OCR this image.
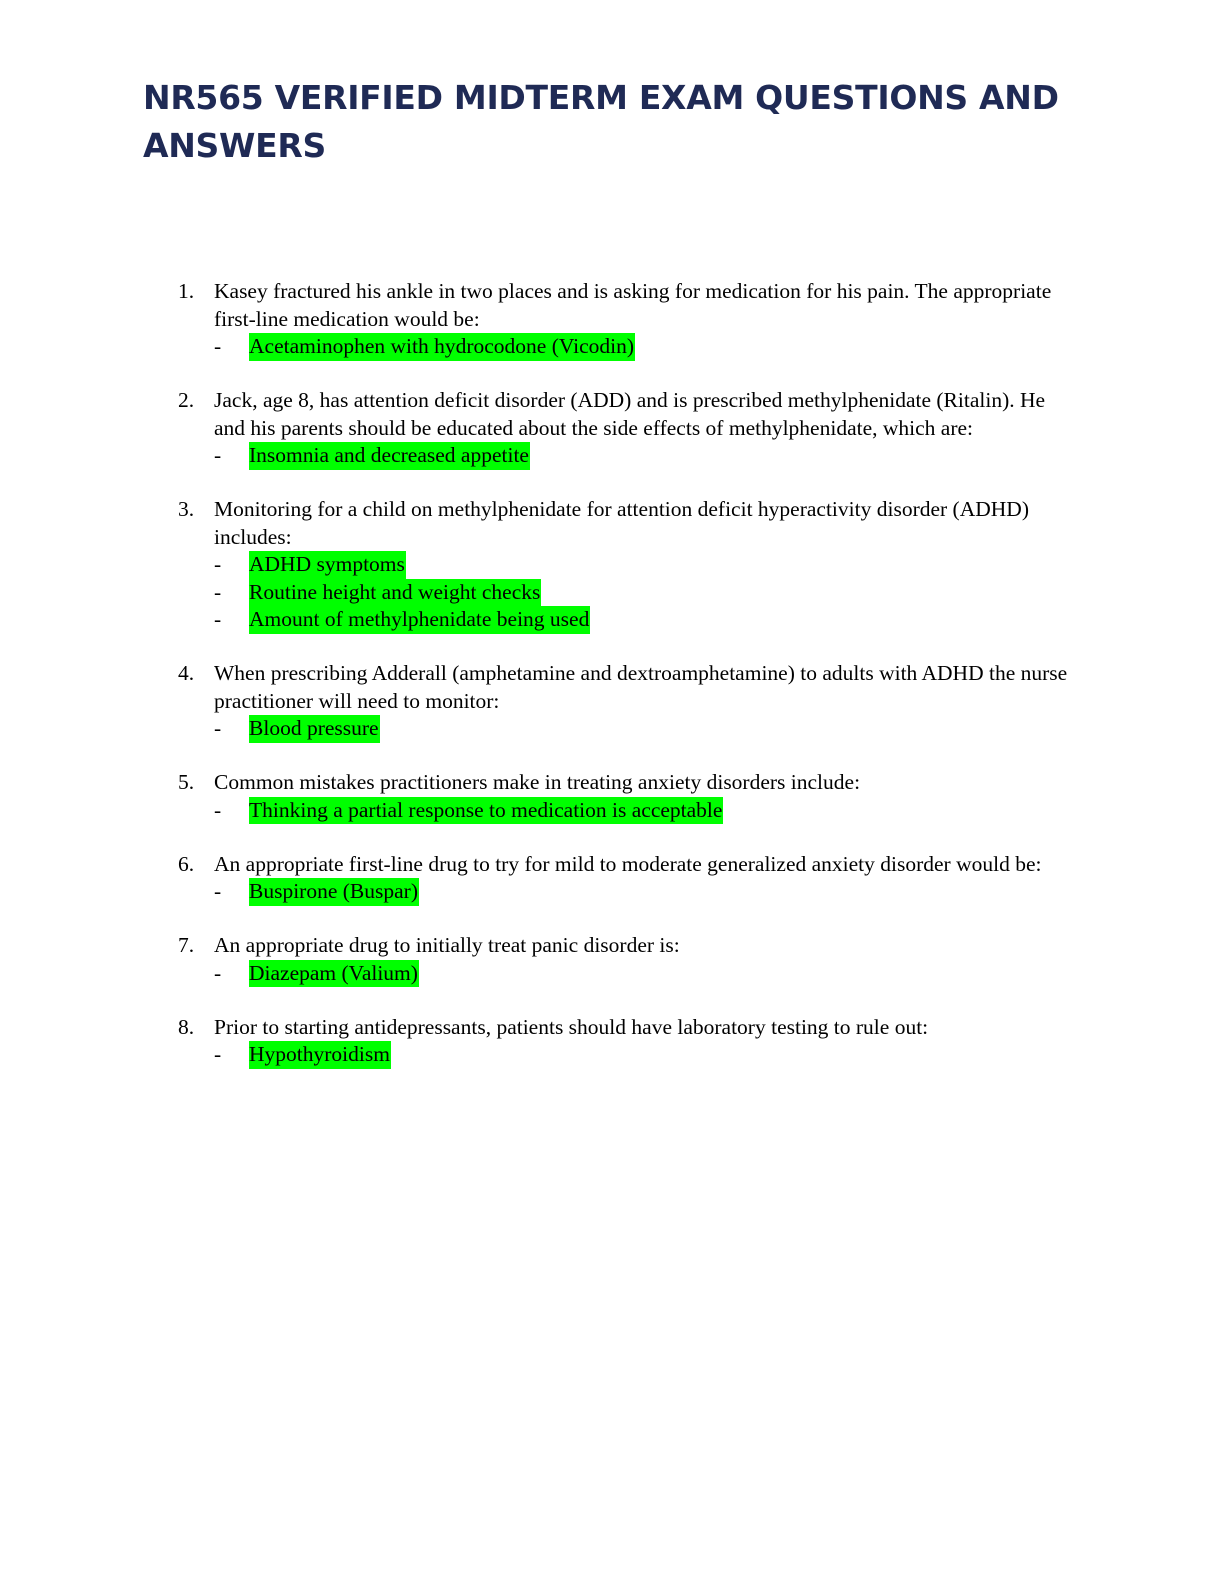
NR565 VERIFIED MIDTERM EXAM QUESTIONS AND ANSWERS
1. Kasey fractured his ankle in two places and is asking for medication for his pain. The appropriate first-line medication would be:
- Acetaminophen with hydrocodone (Vicodin)
2. Jack, age 8, has attention deficit disorder (ADD) and is prescribed methylphenidate (Ritalin). He and his parents should be educated about the side effects of methylphenidate, which are:
- Insomnia and decreased appetite
3. Monitoring for a child on methylphenidate for attention deficit hyperactivity disorder (ADHD) includes:
- ADHD symptoms
- Routine height and weight checks
- Amount of methylphenidate being used
4. When prescribing Adderall (amphetamine and dextroamphetamine) to adults with ADHD the nurse practitioner will need to monitor:
- Blood pressure
5. Common mistakes practitioners make in treating anxiety disorders include:
- Thinking a partial response to medication is acceptable
6. An appropriate first-line drug to try for mild to moderate generalized anxiety disorder would be:
- Buspirone (Buspar)
7. An appropriate drug to initially treat panic disorder is:
- Diazepam (Valium)
8. Prior to starting antidepressants, patients should have laboratory testing to rule out:
- Hypothyroidism
